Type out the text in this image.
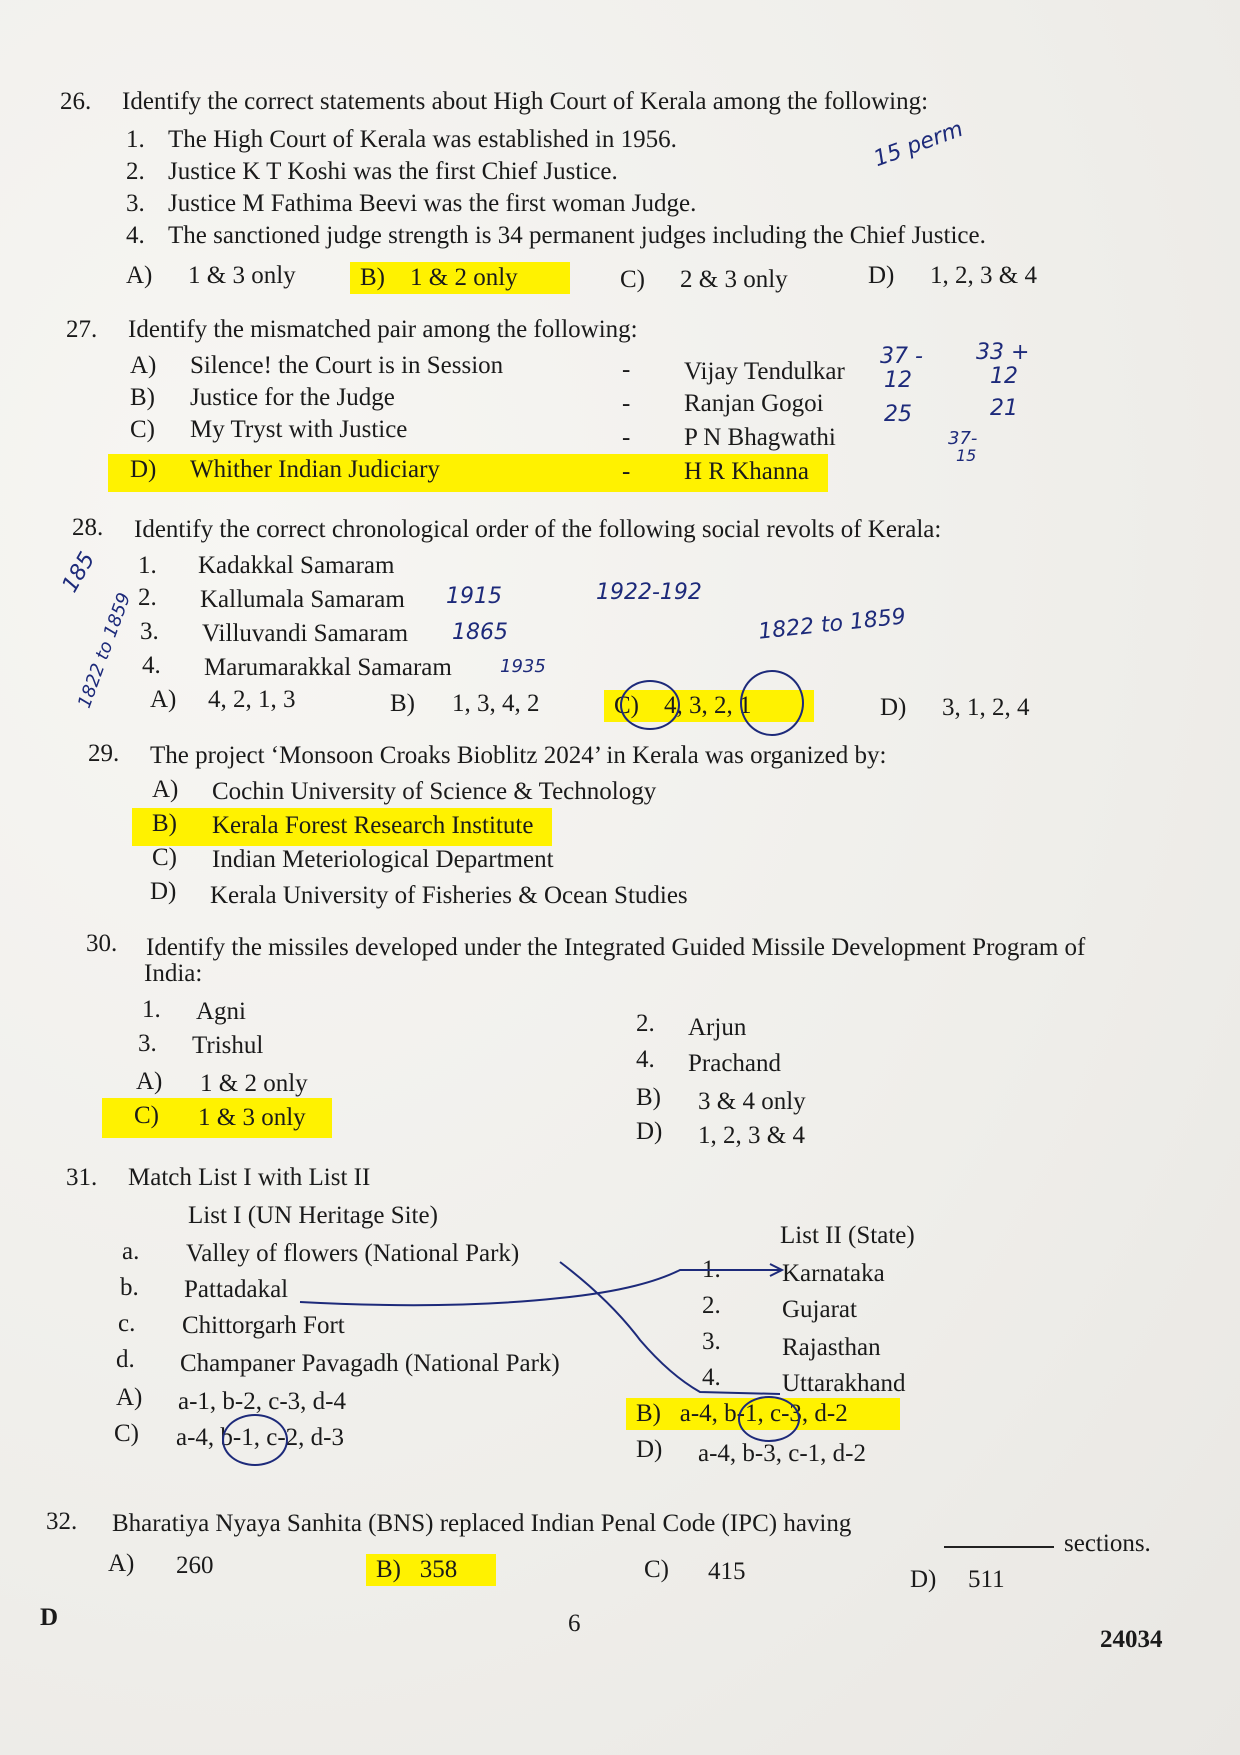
26. Identify the correct statements about High Court of Kerala among the following:
1. The High Court of Kerala was established in 1956.
2. Justice K T Koshi was the first Chief Justice.
3. Justice M Fathima Beevi was the first woman Judge.
4. The sanctioned judge strength is 34 permanent judges including the Chief Justice.
A) 1 & 3 only	B) 1 & 2 only	C) 2 & 3 only	D) 1, 2, 3 & 4
15 perm
27. Identify the mismatched pair among the following:
A) Silence! the Court is in Session	- Vijay Tendulkar
B) Justice for the Judge	- Ranjan Gogoi
C) My Tryst with Justice	- P N Bhagwathi
D) Whither Indian Judiciary	- H R Khanna
37 -
12
25
33 +
12
21
37-
15
28. Identify the correct chronological order of the following social revolts of Kerala:
1. Kadakkal Samaram
2. Kallumala Samaram
3. Villuvandi Samaram
4. Marumarakkal Samaram
A) 4, 2, 1, 3	B) 1, 3, 4, 2	C) 4, 3, 2, 1	D) 3, 1, 2, 4
1915
1865
1935
1922-192
1822 to 1859
185
1822 to 1859
29. The project ‘Monsoon Croaks Bioblitz 2024’ in Kerala was organized by:
A) Cochin University of Science & Technology
B) Kerala Forest Research Institute
C) Indian Meteriological Department
D) Kerala University of Fisheries & Ocean Studies
30. Identify the missiles developed under the Integrated Guided Missile Development Program of
India:
1. Agni	2. Arjun
3. Trishul
4. Prachand
A) 1 & 2 only
B) 3 & 4 only
C) 1 & 3 only
D) 1, 2, 3 & 4
31. Match List I with List II
List I (UN Heritage Site)
List II (State)
a. Valley of flowers (National Park)
b. Pattadakal
c. Chittorgarh Fort
d. Champaner Pavagadh (National Park)
1. Karnataka
2. Gujarat
3. Rajasthan
4. Uttarakhand
A) a-1, b-2, c-3, d-4	B) a-4, b-1, c-3, d-2
C) a-4, b-1, c-2, d-3	D) a-4, b-3, c-1, d-2
32. Bharatiya Nyaya Sanhita (BNS) replaced Indian Penal Code (IPC) having
sections.
A) 260	B) 358	C) 415	D) 511
D	6
24034
